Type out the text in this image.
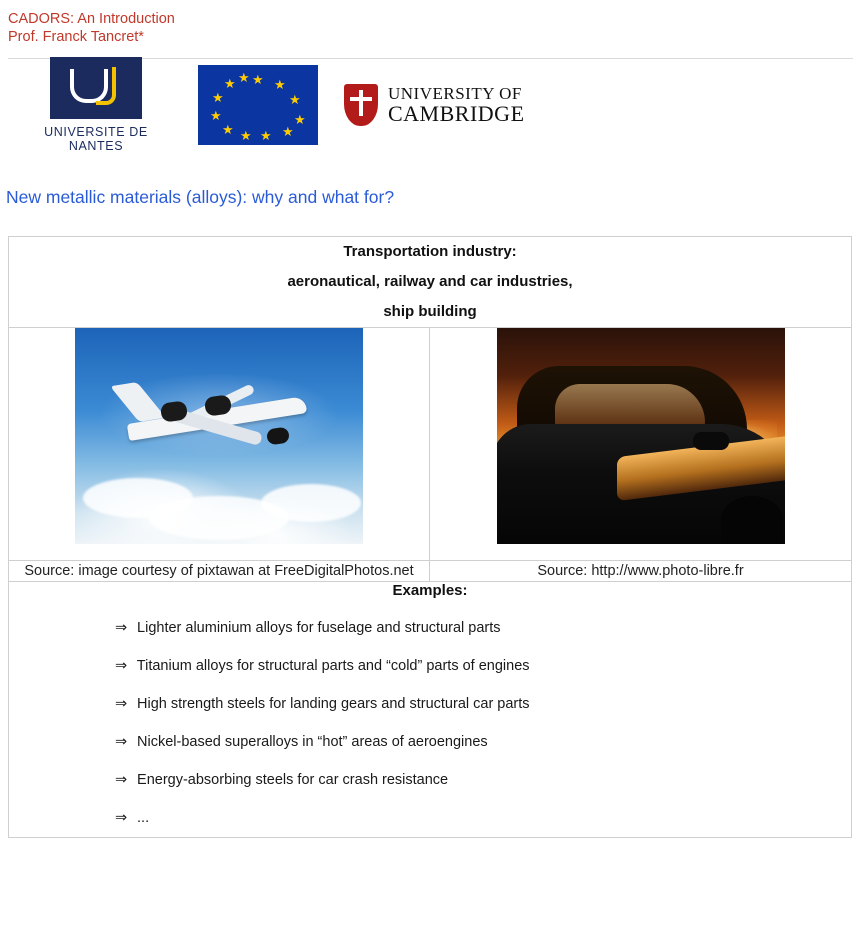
CADORS: An Introduction
Prof. Franck Tancret*
UNIVERSITE DE NANTES
★ ★
★
★
★
★
★
★
★
★
★ ★
UNIVERSITY OF
CAMBRIDGE
New metallic materials (alloys): why and what for?
Transportation industry:
aeronautical, railway and car industries,
ship building	

Source: image courtesy of pixtawan at FreeDigitalPhotos.net	Source: http://www.photo-libre.fr

Examples:
⇒ Lighter aluminium alloys for fuselage and structural parts
⇒ Titanium alloys for structural parts and “cold” parts of engines
⇒ High strength steels for landing gears and structural car parts
⇒ Nickel-based superalloys in “hot” areas of aeroengines
⇒ Energy-absorbing steels for car crash resistance
⇒ ...
